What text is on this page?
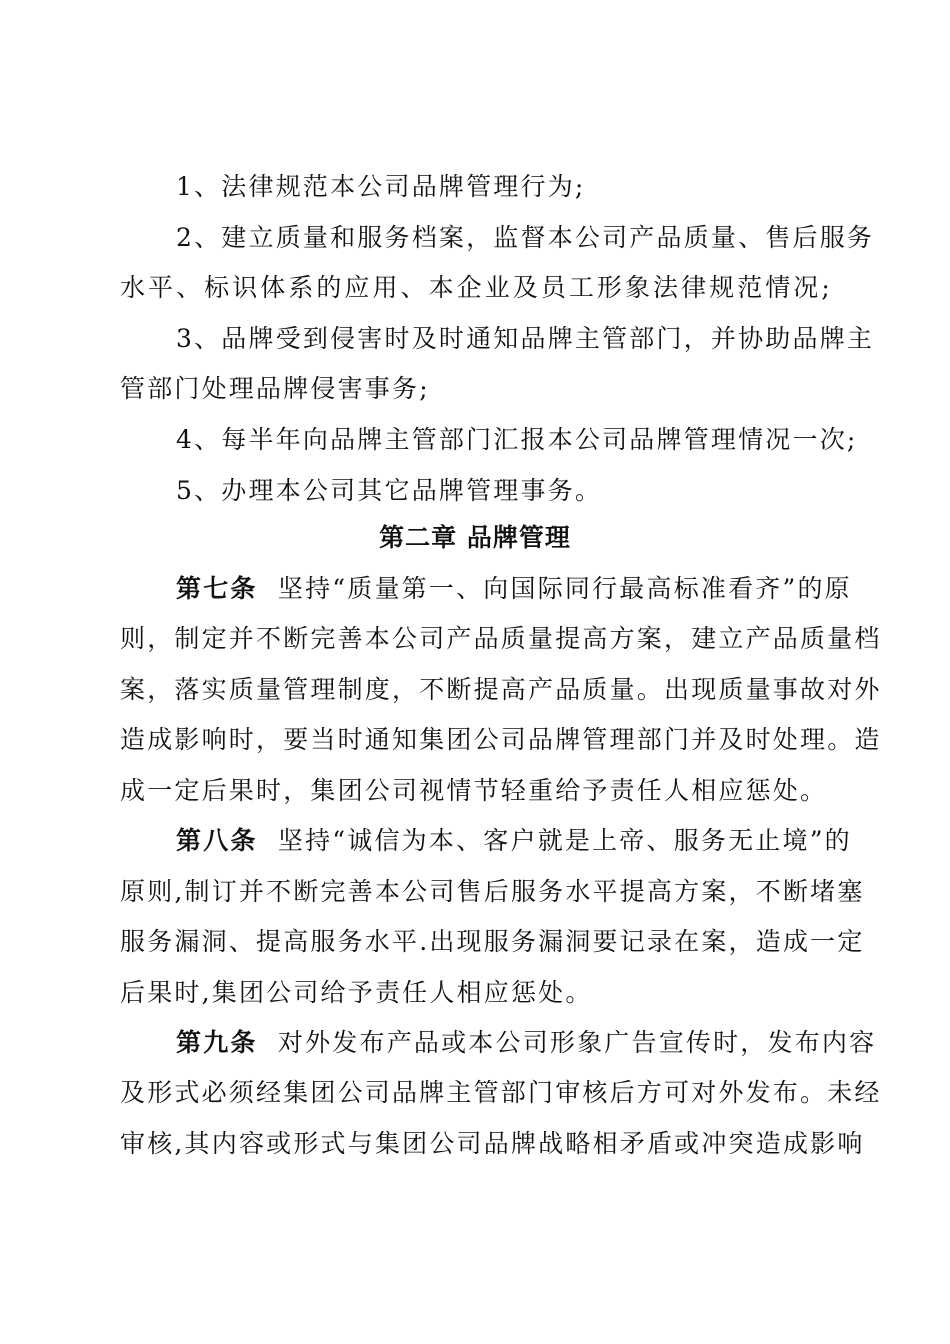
1、法律规范本公司品牌管理行为;
2、建立质量和服务档案，监督本公司产品质量、售后服务
水平、标识体系的应用、本企业及员工形象法律规范情况;
3、品牌受到侵害时及时通知品牌主管部门，并协助品牌主
管部门处理品牌侵害事务;
4、每半年向品牌主管部门汇报本公司品牌管理情况一次;
5、办理本公司其它品牌管理事务。
第二章 品牌管理
第七条 坚持“质量第一、向国际同行最高标准看齐”的原
则，制定并不断完善本公司产品质量提高方案，建立产品质量档
案，落实质量管理制度，不断提高产品质量。出现质量事故对外
造成影响时，要当时通知集团公司品牌管理部门并及时处理。造
成一定后果时，集团公司视情节轻重给予责任人相应惩处。
第八条 坚持“诚信为本、客户就是上帝、服务无止境”的
原则,制订并不断完善本公司售后服务水平提高方案，不断堵塞
服务漏洞、提高服务水平.出现服务漏洞要记录在案，造成一定
后果时,集团公司给予责任人相应惩处。
第九条 对外发布产品或本公司形象广告宣传时，发布内容
及形式必须经集团公司品牌主管部门审核后方可对外发布。未经
审核,其内容或形式与集团公司品牌战略相矛盾或冲突造成影响
